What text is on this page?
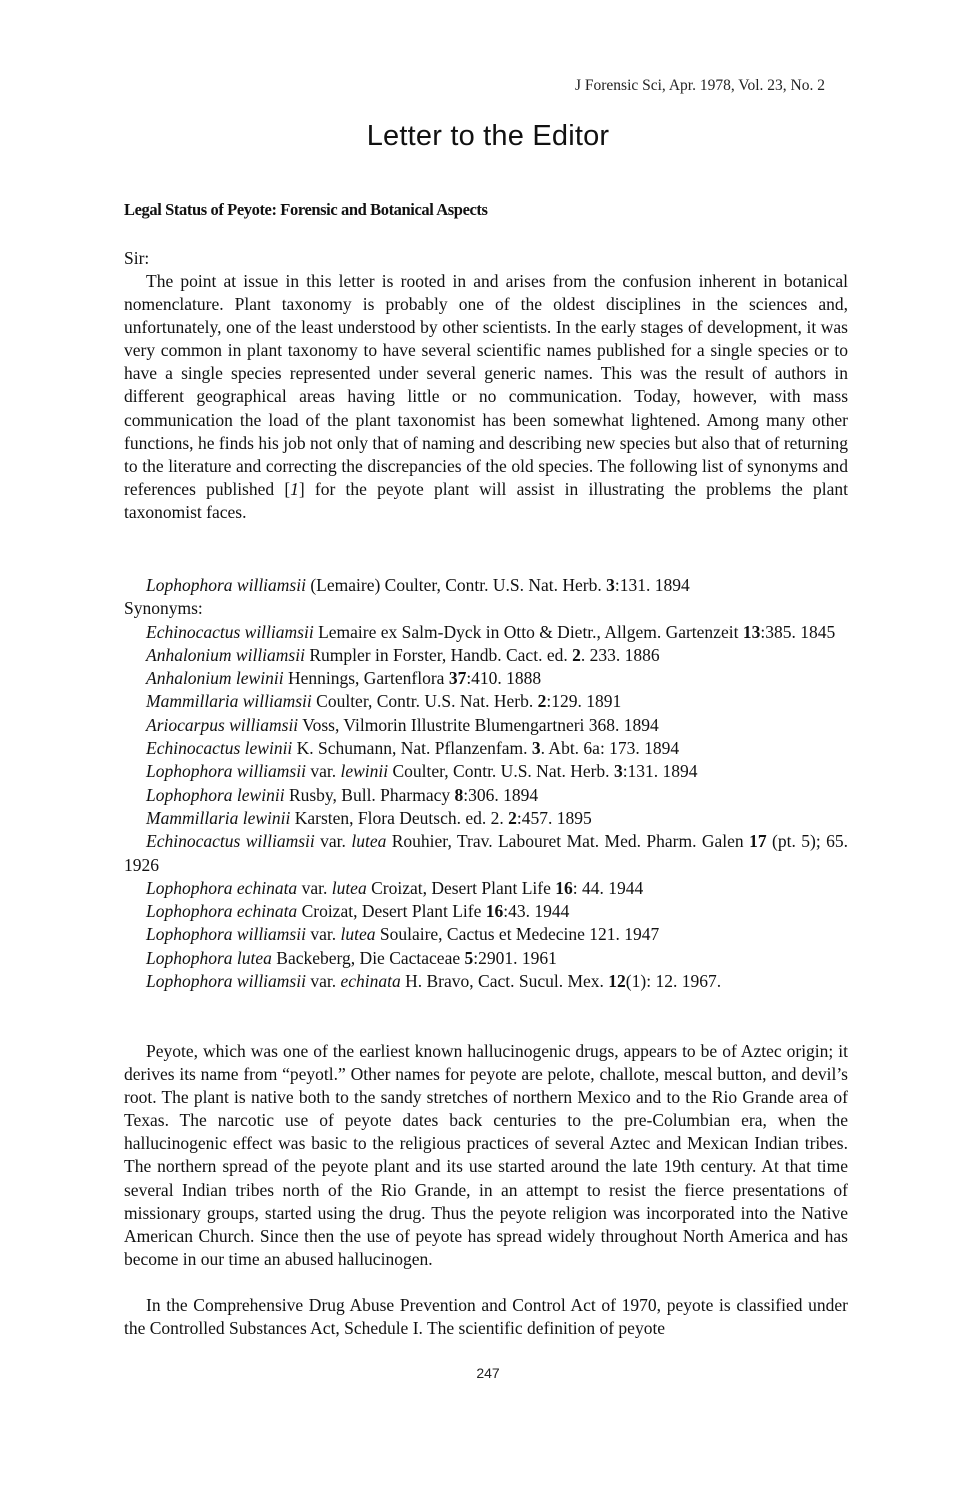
J Forensic Sci, Apr. 1978, Vol. 23, No. 2
Letter to the Editor
Legal Status of Peyote: Forensic and Botanical Aspects
Sir:

The point at issue in this letter is rooted in and arises from the confusion inherent in botanical nomenclature. Plant taxonomy is probably one of the oldest disciplines in the sciences and, unfortunately, one of the least understood by other scientists. In the early stages of development, it was very common in plant taxonomy to have several scientific names published for a single species or to have a single species represented under several generic names. This was the result of authors in different geographical areas having little or no communication. Today, however, with mass communication the load of the plant taxonomist has been somewhat lightened. Among many other functions, he finds his job not only that of naming and describing new species but also that of returning to the literature and correcting the discrepancies of the old species. The following list of synonyms and references published [1] for the peyote plant will assist in illustrating the problems the plant taxonomist faces.

Lophophora williamsii (Lemaire) Coulter, Contr. U.S. Nat. Herb. 3:131. 1894
Synonyms:
Echinocactus williamsii Lemaire ex Salm-Dyck in Otto & Dietr., Allgem. Gartenzeit 13:385. 1845
Anhalonium williamsii Rumpler in Forster, Handb. Cact. ed. 2. 233. 1886
Anhalonium lewinii Hennings, Gartenflora 37:410. 1888
Mammillaria williamsii Coulter, Contr. U.S. Nat. Herb. 2:129. 1891
Ariocarpus williamsii Voss, Vilmorin Illustrite Blumengartneri 368. 1894
Echinocactus lewinii K. Schumann, Nat. Pflanzenfam. 3. Abt. 6a: 173. 1894
Lophophora williamsii var. lewinii Coulter, Contr. U.S. Nat. Herb. 3:131. 1894
Lophophora lewinii Rusby, Bull. Pharmacy 8:306. 1894
Mammillaria lewinii Karsten, Flora Deutsch. ed. 2. 2:457. 1895
Echinocactus williamsii var. lutea Rouhier, Trav. Labouret Mat. Med. Pharm. Galen 17 (pt. 5); 65. 1926
Lophophora echinata var. lutea Croizat, Desert Plant Life 16: 44. 1944
Lophophora echinata Croizat, Desert Plant Life 16:43. 1944
Lophophora williamsii var. lutea Soulaire, Cactus et Medecine 121. 1947
Lophophora lutea Backeberg, Die Cactaceae 5:2901. 1961
Lophophora williamsii var. echinata H. Bravo, Cact. Sucul. Mex. 12(1): 12. 1967.

Peyote, which was one of the earliest known hallucinogenic drugs, appears to be of Aztec origin; it derives its name from “peyotl.” Other names for peyote are pelote, challote, mescal button, and devil’s root. The plant is native both to the sandy stretches of northern Mexico and to the Rio Grande area of Texas. The narcotic use of peyote dates back centuries to the pre-Columbian era, when the hallucinogenic effect was basic to the religious practices of several Aztec and Mexican Indian tribes. The northern spread of the peyote plant and its use started around the late 19th century. At that time several Indian tribes north of the Rio Grande, in an attempt to resist the fierce presentations of missionary groups, started using the drug. Thus the peyote religion was incorporated into the Native American Church. Since then the use of peyote has spread widely throughout North America and has become in our time an abused hallucinogen.

In the Comprehensive Drug Abuse Prevention and Control Act of 1970, peyote is classified under the Controlled Substances Act, Schedule I. The scientific definition of peyote

247
